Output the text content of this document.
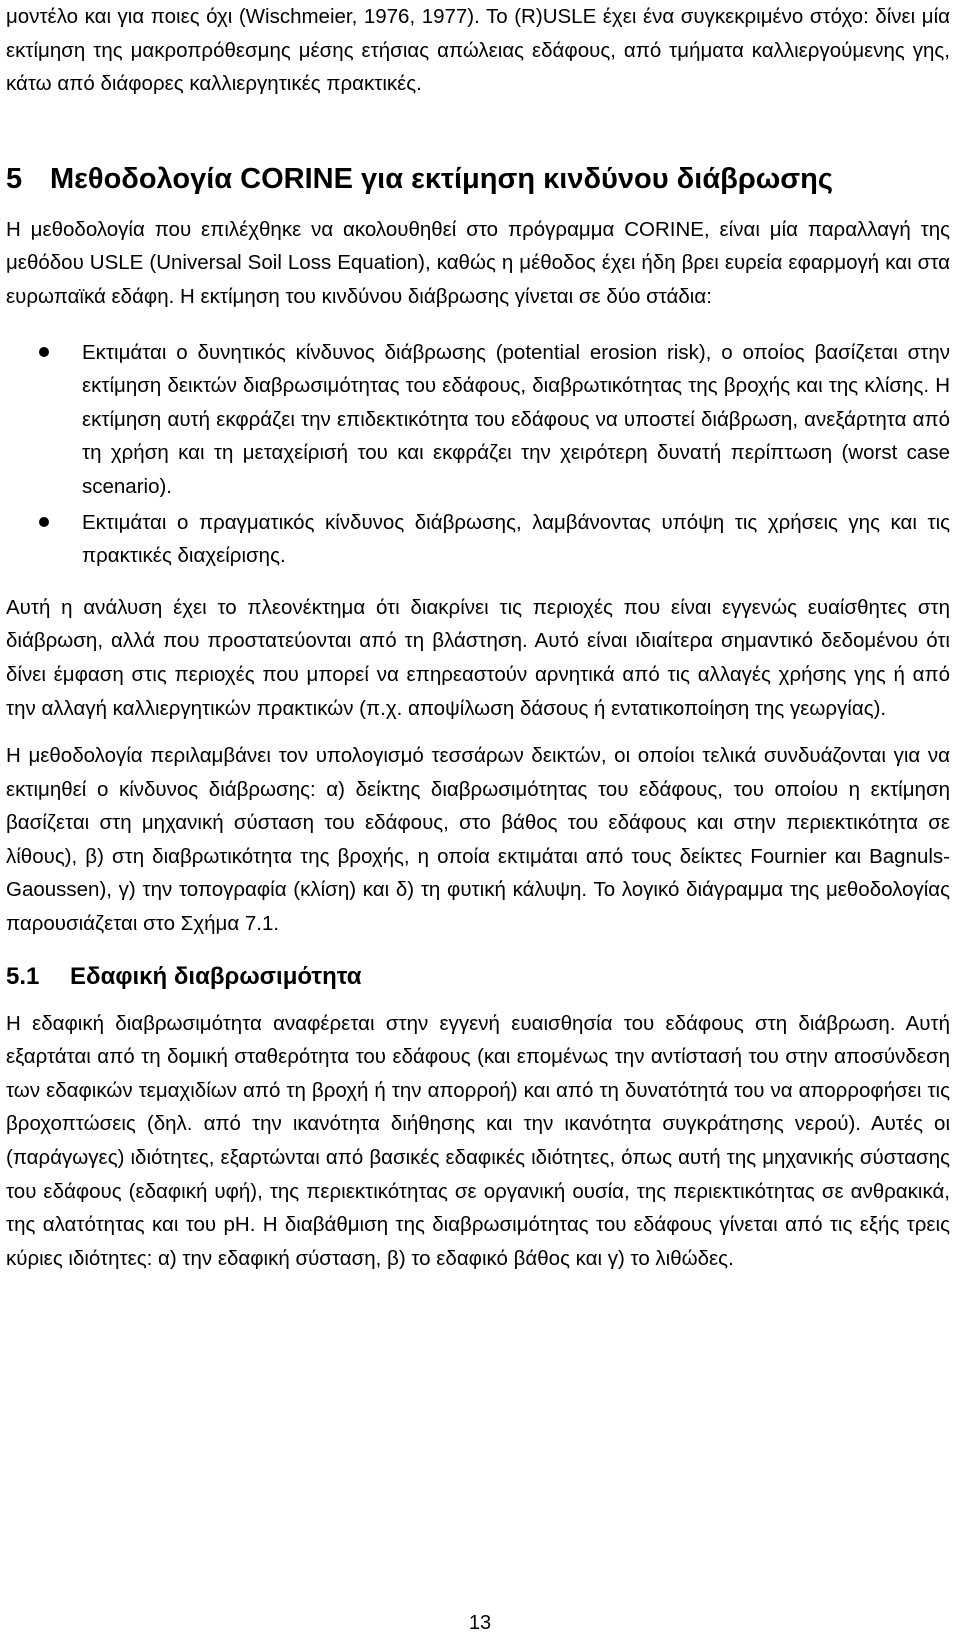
μοντέλο και για ποιες όχι (Wischmeier, 1976, 1977). Το (R)USLE έχει ένα συγκεκριμένο στόχο: δίνει μία εκτίμηση της μακροπρόθεσμης μέσης ετήσιας απώλειας εδάφους, από τμήματα καλλιεργούμενης γης, κάτω από διάφορες καλλιεργητικές πρακτικές.

5 Μεθοδολογία CORINE για εκτίμηση κινδύνου διάβρωσης

Η μεθοδολογία που επιλέχθηκε να ακολουθηθεί στο πρόγραμμα CORINE, είναι μία παραλλαγή της μεθόδου USLE (Universal Soil Loss Equation), καθώς η μέθοδος έχει ήδη βρει ευρεία εφαρμογή και στα ευρωπαϊκά εδάφη. Η εκτίμηση του κινδύνου διάβρωσης γίνεται σε δύο στάδια:

Εκτιμάται ο δυνητικός κίνδυνος διάβρωσης (potential erosion risk), ο οποίος βασίζεται στην εκτίμηση δεικτών διαβρωσιμότητας του εδάφους, διαβρωτικότητας της βροχής και της κλίσης. Η εκτίμηση αυτή εκφράζει την επιδεκτικότητα του εδάφους να υποστεί διάβρωση, ανεξάρτητα από τη χρήση και τη μεταχείρισή του και εκφράζει την χειρότερη δυνατή περίπτωση (worst case scenario).
Εκτιμάται ο πραγματικός κίνδυνος διάβρωσης, λαμβάνοντας υπόψη τις χρήσεις γης και τις πρακτικές διαχείρισης.

Αυτή η ανάλυση έχει το πλεονέκτημα ότι διακρίνει τις περιοχές που είναι εγγενώς ευαίσθητες στη διάβρωση, αλλά που προστατεύονται από τη βλάστηση. Αυτό είναι ιδιαίτερα σημαντικό δεδομένου ότι δίνει έμφαση στις περιοχές που μπορεί να επηρεαστούν αρνητικά από τις αλλαγές χρήσης γης ή από την αλλαγή καλλιεργητικών πρακτικών (π.χ. αποψίλωση δάσους ή εντατικοποίηση της γεωργίας).

Η μεθοδολογία περιλαμβάνει τον υπολογισμό τεσσάρων δεικτών, οι οποίοι τελικά συνδυάζονται για να εκτιμηθεί ο κίνδυνος διάβρωσης: α) δείκτης διαβρωσιμότητας του εδάφους, του οποίου η εκτίμηση βασίζεται στη μηχανική σύσταση του εδάφους, στο βάθος του εδάφους και στην περιεκτικότητα σε λίθους), β) στη διαβρωτικότητα της βροχής, η οποία εκτιμάται από τους δείκτες Fournier και Bagnuls-Gaoussen), γ) την τοπογραφία (κλίση) και δ) τη φυτική κάλυψη. Το λογικό διάγραμμα της μεθοδολογίας παρουσιάζεται στο Σχήμα 7.1.

5.1 Εδαφική διαβρωσιμότητα

Η εδαφική διαβρωσιμότητα αναφέρεται στην εγγενή ευαισθησία του εδάφους στη διάβρωση. Αυτή εξαρτάται από τη δομική σταθερότητα του εδάφους (και επομένως την αντίστασή του στην αποσύνδεση των εδαφικών τεμαχιδίων από τη βροχή ή την απορροή) και από τη δυνατότητά του να απορροφήσει τις βροχοπτώσεις (δηλ. από την ικανότητα διήθησης και την ικανότητα συγκράτησης νερού). Αυτές οι (παράγωγες) ιδιότητες, εξαρτώνται από βασικές εδαφικές ιδιότητες, όπως αυτή της μηχανικής σύστασης του εδάφους (εδαφική υφή), της περιεκτικότητας σε οργανική ουσία, της περιεκτικότητας σε ανθρακικά, της αλατότητας και του pH. Η διαβάθμιση της διαβρωσιμότητας του εδάφους γίνεται από τις εξής τρεις κύριες ιδιότητες: α) την εδαφική σύσταση, β) το εδαφικό βάθος και γ) το λιθώδες.

13
